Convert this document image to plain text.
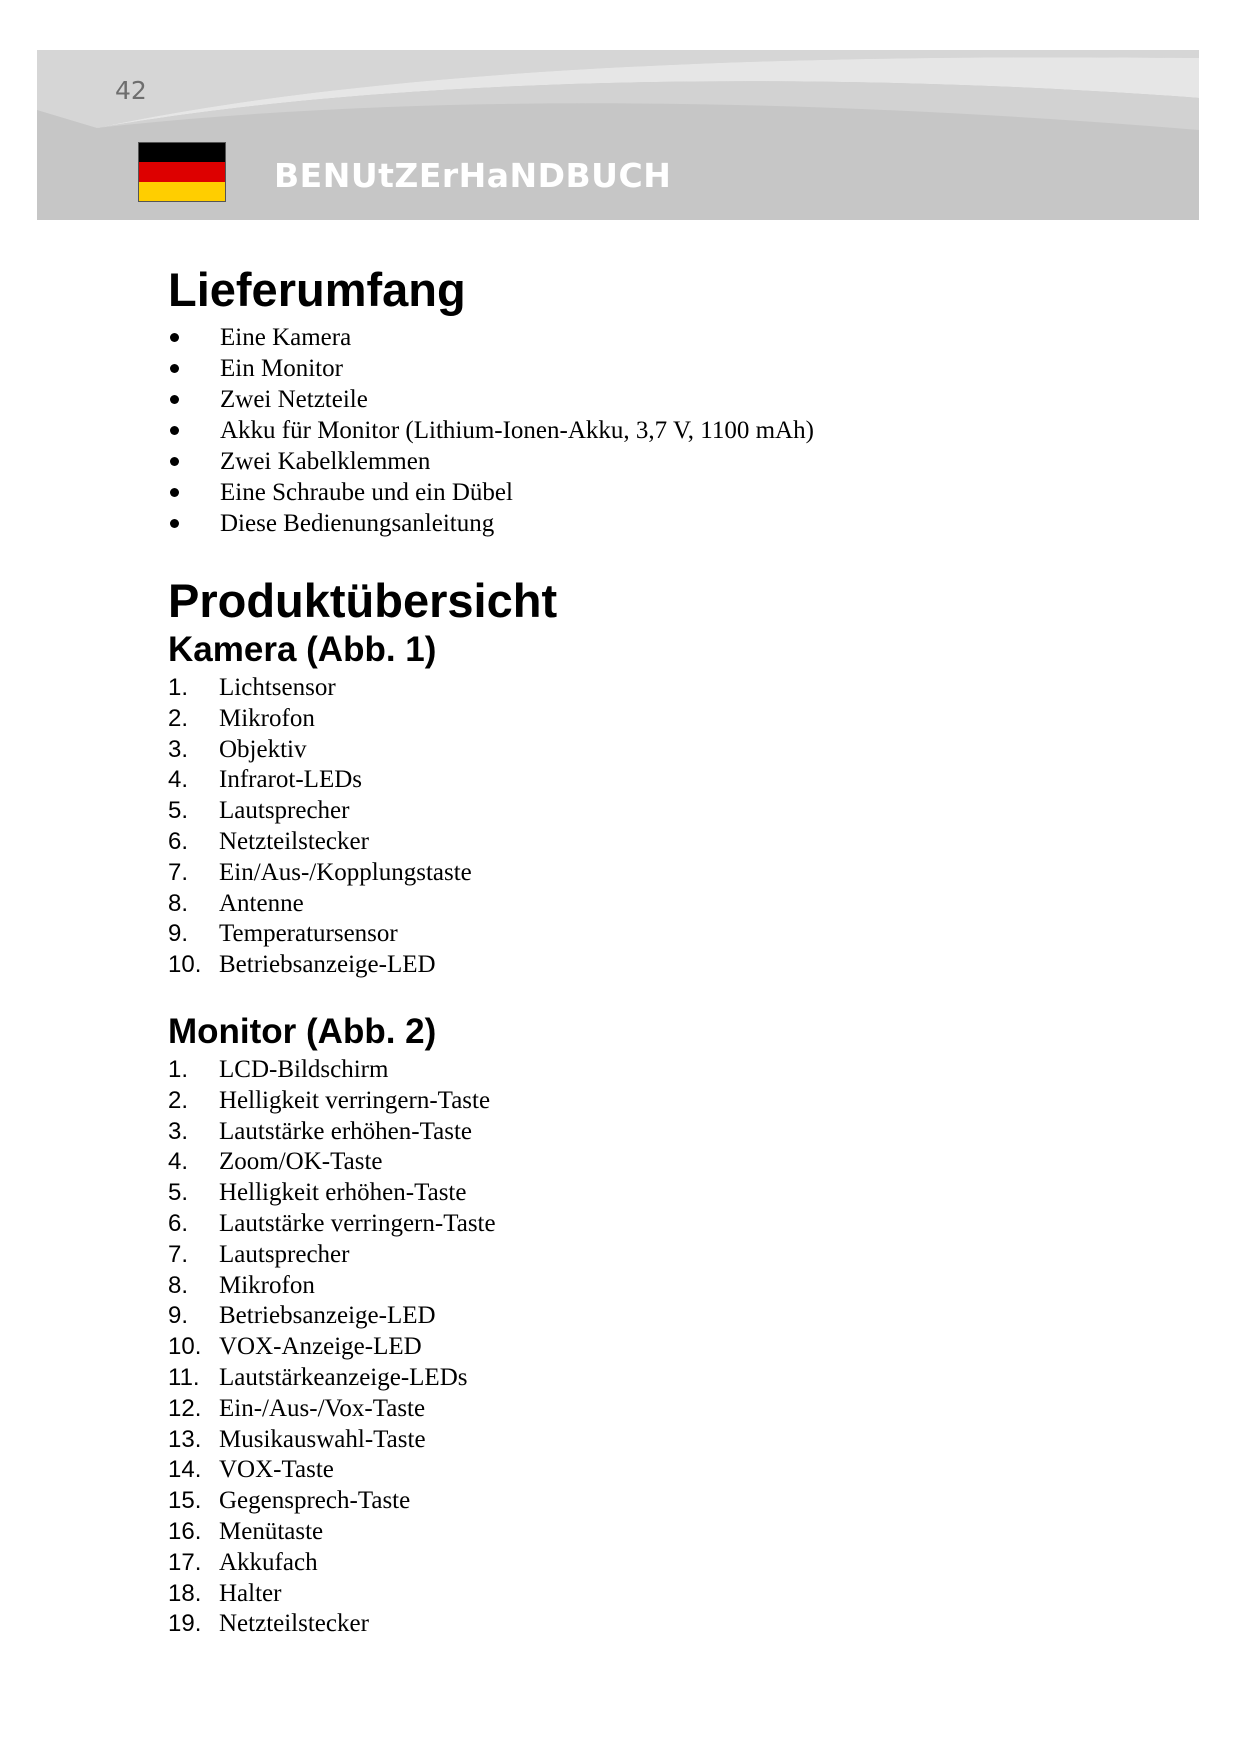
42
BENUtZErHaNDBUCH
Lieferumfang
Eine Kamera
Ein Monitor
Zwei Netzteile
Akku für Monitor (Lithium-Ionen-Akku, 3,7 V, 1100 mAh)
Zwei Kabelklemmen
Eine Schraube und ein Dübel
Diese Bedienungsanleitung
Produktübersicht
Kamera (Abb. 1)
1. Lichtsensor
2. Mikrofon
3. Objektiv
4. Infrarot-LEDs
5. Lautsprecher
6. Netzteilstecker
7. Ein/Aus-/Kopplungstaste
8. Antenne
9. Temperatursensor
10. Betriebsanzeige-LED
Monitor (Abb. 2)
1. LCD-Bildschirm
2. Helligkeit verringern-Taste
3. Lautstärke erhöhen-Taste
4. Zoom/OK-Taste
5. Helligkeit erhöhen-Taste
6. Lautstärke verringern-Taste
7. Lautsprecher
8. Mikrofon
9. Betriebsanzeige-LED
10. VOX-Anzeige-LED
11. Lautstärkeanzeige-LEDs
12. Ein-/Aus-/Vox-Taste
13. Musikauswahl-Taste
14. VOX-Taste
15. Gegensprech-Taste
16. Menütaste
17. Akkufach
18. Halter
19. Netzteilstecker
